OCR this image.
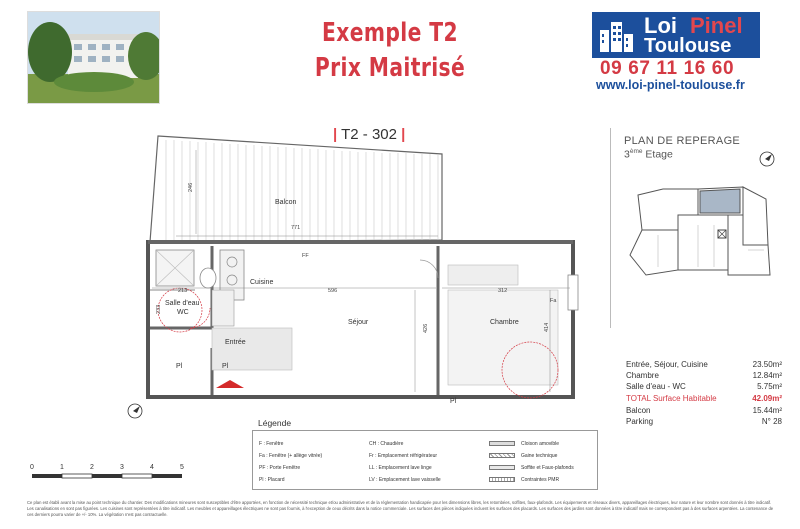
Exemple T2
Prix Maitrisé
Loi Pinel
Toulouse
09 67 11 16 60
www.loi-pinel-toulouse.fr
| T2 - 302 |
Balcon
Cuisine
Salle d'eau
WC
Séjour	Chambre
Entrée
Pl	Pl
Pl
FF
Fa
246
771
596	312
213
233
426	414
PLAN DE REPERAGE
3ème Etage
Entrée, Séjour, Cuisine	23.50m²
Chambre	12.84m²
Salle d'eau - WC	5.75m²
TOTAL Surface Habitable	42.09m²
Balcon	15.44m²
Parking	N° 28
Légende
F : Fenêtre
Fa : Fenêtre (+ allège vitrée)
PF : Porte Fenêtre
Pl : Placard
CH : Chaudière
Fr : Emplacement réfrigérateur
LL : Emplacement lave linge
LV : Emplacement lave vaisselle
Cloison amovible
Gaine technique
Soffite et Faux-plafonds
Contraintes PMR
0	1	2	3	4	5
Ce plan est établi avant la mise au point technique du chantier. Des modifications mineures sont susceptibles d'être apportées, en fonction de nécessité technique et/ou administrative et de la réglementation handicapée pour les dimensions libres, les retombées, soffites, faux-plafonds. Les équipements et réseaux divers, appareillages électriques, leur nature et leur nombre sont donnés à titre indicatif. Les canalisations en sont pas figurées. Les cuisines sont représentées à titre indicatif. Les meubles et appareillages électriques ne sont pas fournis, à l'exception de ceux décrits dans la notice commerciale. Les surfaces des pièces indiquées incluent les surfaces des placards. Les surfaces des jardins sont données à titre indicatif mais ne correspondent pas à des surfaces arpentées. La contenance de ces derniers pourra varier de +/- 10%. La végétation n'est pas contractuelle.
